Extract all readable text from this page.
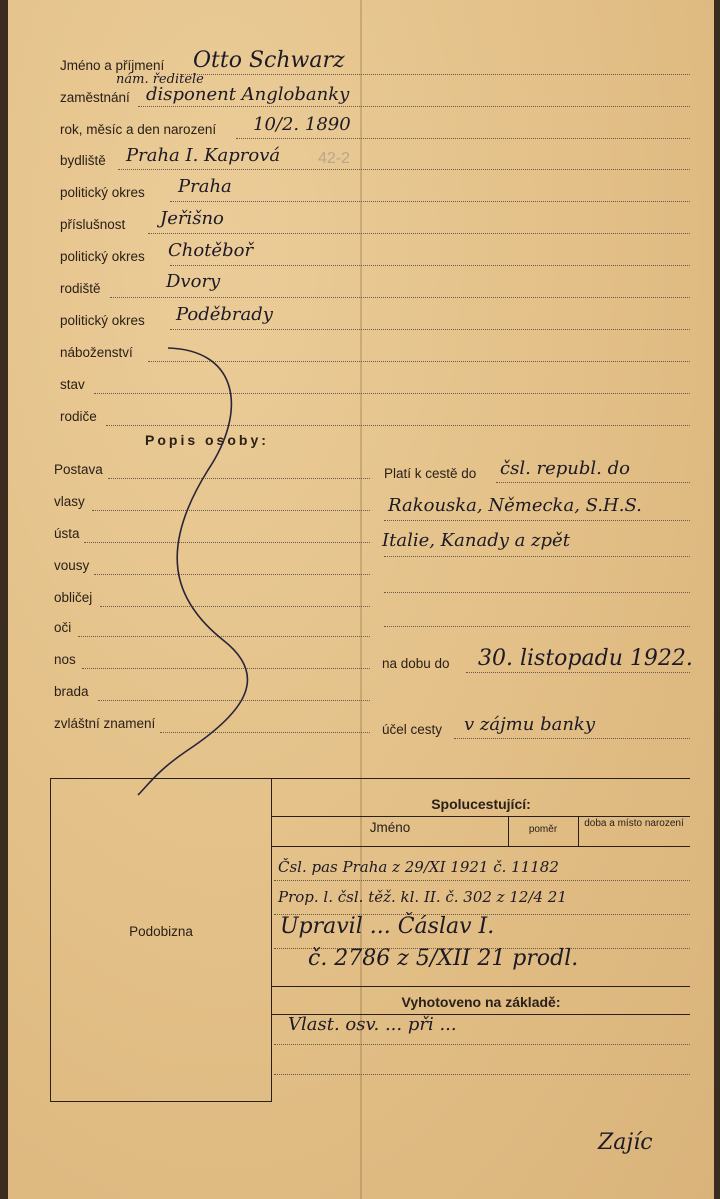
Jméno a příjmení Otto Schwarz
nám. ředitele
zaměstnání disponent Anglobanky
rok, měsíc a den narození 10/2. 1890
bydliště Praha I. Kaprová 42-2
politický okres Praha
příslušnost Jeřišno
politický okres Chotěboř
rodiště	Dvory
politický okres Poděbrady
náboženství
stav
rodiče
Popis osoby:
Postava
vlasy
ústa
vousy
obličej
oči
nos
brada
zvláštní znamení
Platí k cestě do čsl. republ. do
Rakouska, Německa, S.H.S.
Italie, Kanady a zpět
na dobu do 30. listopadu 1922.
účel cesty v zájmu banky
Podobizna
Spolucestující:
Jméno	poměr
doba a místo narození
Čsl. pas Praha z 29/XI 1921 č. 11182
Prop. l. čsl. těž. kl. II. č. 302 z 12/4 21
Upravil ... Čáslav I.
č. 2786 z 5/XII 21 prodl.
Vyhotoveno na základě:
Vlast. osv. ... při ...
Zajíc
